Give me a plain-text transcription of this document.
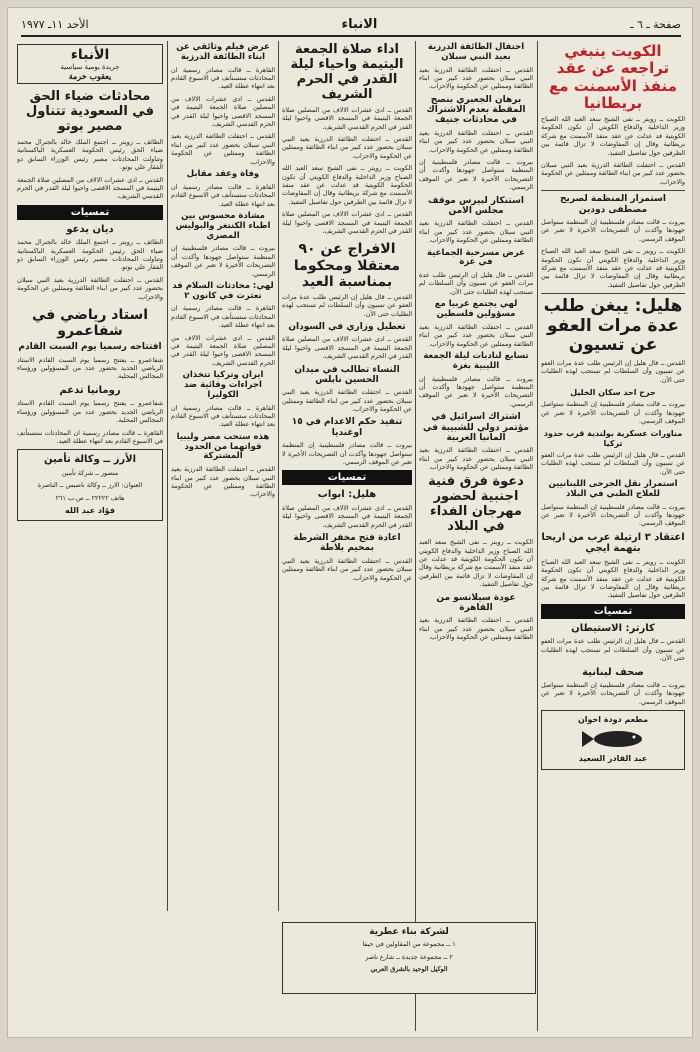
صفحة ـ ٦ ـ
الانباء
الأحد ١١ـ ١٩٧٧
الكويت ينبغي تراجعه عن عقد منفذ الأسمنت مع بريطانيا

الكويت ــ رويتر ــ نفى الشيخ سعد العبد الله الصباح وزير الداخلية والدفاع الكويتي أن تكون الحكومة الكويتية قد عدلت عن عقد منفذ الأسمنت مع شركة بريطانية وقال إن المفاوضات لا تزال قائمة بين الطرفين حول تفاصيل التنفيذ.

القدس ــ احتفلت الطائفة الدرزية بعيد النبي سبلان بحضور عدد كبير من ابناء الطائفة وممثلين عن الحكومة والاحزاب.

استمرار المنظمة لصريح مصطفى دودين

بيروت ــ قالت مصادر فلسطينية إن المنظمة ستواصل جهودها وأكدت أن التصريحات الأخيرة لا تعبر عن الموقف الرسمي.

الكويت ــ رويتر ــ نفى الشيخ سعد العبد الله الصباح وزير الداخلية والدفاع الكويتي أن تكون الحكومة الكويتية قد عدلت عن عقد منفذ الأسمنت مع شركة بريطانية وقال إن المفاوضات لا تزال قائمة بين الطرفين حول تفاصيل التنفيذ.

هليل: يبغن طلب عدة مرات العفو عن تسيون

القدس ــ قال هليل إن الرئيس طلب عدة مرات العفو عن تسيون وأن السلطات لم تستجب لهذه الطلبات حتى الآن.

جرح احد سكان الخليل

بيروت ــ قالت مصادر فلسطينية إن المنظمة ستواصل جهودها وأكدت أن التصريحات الأخيرة لا تعبر عن الموقف الرسمي.

مناورات عسكرية بولندية قرب حدود تركيا

القدس ــ قال هليل إن الرئيس طلب عدة مرات العفو عن تسيون وأن السلطات لم تستجب لهذه الطلبات حتى الآن.

استمرار نقل الجرحى اللبنانيين للعلاج الطبي في البلاد

بيروت ــ قالت مصادر فلسطينية إن المنظمة ستواصل جهودها وأكدت أن التصريحات الأخيرة لا تعبر عن الموقف الرسمي.

اعتقاد ٣ ارتيلة عرب من اريحا بتهمة ايجي

الكويت ــ رويتر ــ نفى الشيخ سعد العبد الله الصباح وزير الداخلية والدفاع الكويتي أن تكون الحكومة الكويتية قد عدلت عن عقد منفذ الأسمنت مع شركة بريطانية وقال إن المفاوضات لا تزال قائمة بين الطرفين حول تفاصيل التنفيذ.

تمسيات
كارتر: الاستيطان

القدس ــ قال هليل إن الرئيس طلب عدة مرات العفو عن تسيون وأن السلطات لم تستجب لهذه الطلبات حتى الآن.

صحف لبنانية

بيروت ــ قالت مصادر فلسطينية إن المنظمة ستواصل جهودها وأكدت أن التصريحات الأخيرة لا تعبر عن الموقف الرسمي.

مطعم دودة اخوان
عبد القادر السعيد
احتفال الطائفة الدرزية بعيد النبي سبلان

القدس ــ احتفلت الطائفة الدرزية بعيد النبي سبلان بحضور عدد كبير من ابناء الطائفة وممثلين عن الحكومة والاحزاب.

برهان الجعبري بنصح المقطة بعدم الاشتراك في محادثات جنيف

القدس ــ احتفلت الطائفة الدرزية بعيد النبي سبلان بحضور عدد كبير من ابناء الطائفة وممثلين عن الحكومة والاحزاب.

بيروت ــ قالت مصادر فلسطينية إن المنظمة ستواصل جهودها وأكدت أن التصريحات الأخيرة لا تعبر عن الموقف الرسمي.

استنكار لبيرس موقف مجلس الامن

القدس ــ احتفلت الطائفة الدرزية بعيد النبي سبلان بحضور عدد كبير من ابناء الطائفة وممثلين عن الحكومة والاحزاب.

عرض مسرحية الجماعية في غزة

القدس ــ قال هليل إن الرئيس طلب عدة مرات العفو عن تسيون وأن السلطات لم تستجب لهذه الطلبات حتى الآن.

لهي يجتمع غربيا مع مسؤولين فلسطين

القدس ــ احتفلت الطائفة الدرزية بعيد النبي سبلان بحضور عدد كبير من ابناء الطائفة وممثلين عن الحكومة والاحزاب.

تسابع لنادبات ليلة الجمعة الليبية بغزة

بيروت ــ قالت مصادر فلسطينية إن المنظمة ستواصل جهودها وأكدت أن التصريحات الأخيرة لا تعبر عن الموقف الرسمي.

اشتراك اسرائيل في مؤتمر دولي للشبيبة في المانيا الغربية

القدس ــ احتفلت الطائفة الدرزية بعيد النبي سبلان بحضور عدد كبير من ابناء الطائفة وممثلين عن الحكومة والاحزاب.

دعوة فرق فنية اجنبية لحضور مهرجان الفداء في البلاد

الكويت ــ رويتر ــ نفى الشيخ سعد العبد الله الصباح وزير الداخلية والدفاع الكويتي أن تكون الحكومة الكويتية قد عدلت عن عقد منفذ الأسمنت مع شركة بريطانية وقال إن المفاوضات لا تزال قائمة بين الطرفين حول تفاصيل التنفيذ.

عودة سيلانسو من القاهرة

القدس ــ احتفلت الطائفة الدرزية بعيد النبي سبلان بحضور عدد كبير من ابناء الطائفة وممثلين عن الحكومة والاحزاب.

اداء صلاة الجمعة اليتيمة واحياء ليلة القدر في الحرم الشريف

القدس ــ ادى عشرات الالاف من المصلين صلاة الجمعة اليتيمة في المسجد الاقصى واحيوا ليلة القدر في الحرم القدسي الشريف.

القدس ــ احتفلت الطائفة الدرزية بعيد النبي سبلان بحضور عدد كبير من ابناء الطائفة وممثلين عن الحكومة والاحزاب.

الكويت ــ رويتر ــ نفى الشيخ سعد العبد الله الصباح وزير الداخلية والدفاع الكويتي أن تكون الحكومة الكويتية قد عدلت عن عقد منفذ الأسمنت مع شركة بريطانية وقال إن المفاوضات لا تزال قائمة بين الطرفين حول تفاصيل التنفيذ.

القدس ــ ادى عشرات الالاف من المصلين صلاة الجمعة اليتيمة في المسجد الاقصى واحيوا ليلة القدر في الحرم القدسي الشريف.

الافراج عن ٩٠ معتقلا ومحكوما بمناسبة العيد

القدس ــ قال هليل إن الرئيس طلب عدة مرات العفو عن تسيون وأن السلطات لم تستجب لهذه الطلبات حتى الآن.

تعطيل وزاري في السودان

القدس ــ ادى عشرات الالاف من المصلين صلاة الجمعة اليتيمة في المسجد الاقصى واحيوا ليلة القدر في الحرم القدسي الشريف.

النساء تطالب في ميدان الحسين نابلس

القدس ــ احتفلت الطائفة الدرزية بعيد النبي سبلان بحضور عدد كبير من ابناء الطائفة وممثلين عن الحكومة والاحزاب.

تنفيذ حكم الاعدام في ١٥ اوغنديا

بيروت ــ قالت مصادر فلسطينية إن المنظمة ستواصل جهودها وأكدت أن التصريحات الأخيرة لا تعبر عن الموقف الرسمي.

تمسيات
هليل: ابواب

القدس ــ ادى عشرات الالاف من المصلين صلاة الجمعة اليتيمة في المسجد الاقصى واحيوا ليلة القدر في الحرم القدسي الشريف.

اعادة فتح مخفر الشرطة بمخيم بلاطة

القدس ــ احتفلت الطائفة الدرزية بعيد النبي سبلان بحضور عدد كبير من ابناء الطائفة وممثلين عن الحكومة والاحزاب.

عرض فيلم وثائقي عن ابناء الطائفة الدرزية

القاهرة ــ قالت مصادر رسمية ان المحادثات ستستأنف في الاسبوع القادم بعد انتهاء عطلة العيد.

القدس ــ ادى عشرات الالاف من المصلين صلاة الجمعة اليتيمة في المسجد الاقصى واحيوا ليلة القدر في الحرم القدسي الشريف.

القدس ــ احتفلت الطائفة الدرزية بعيد النبي سبلان بحضور عدد كبير من ابناء الطائفة وممثلين عن الحكومة والاحزاب.

وفاة وعقد مقابل

القاهرة ــ قالت مصادر رسمية ان المحادثات ستستأنف في الاسبوع القادم بعد انتهاء عطلة العيد.

مشادة محسوس بين اطباء الكنتغر والبوليس المصري

بيروت ــ قالت مصادر فلسطينية إن المنظمة ستواصل جهودها وأكدت أن التصريحات الأخيرة لا تعبر عن الموقف الرسمي.

لهي: محادثات السلام قد تعثرت في كانون ٢

القاهرة ــ قالت مصادر رسمية ان المحادثات ستستأنف في الاسبوع القادم بعد انتهاء عطلة العيد.

القدس ــ ادى عشرات الالاف من المصلين صلاة الجمعة اليتيمة في المسجد الاقصى واحيوا ليلة القدر في الحرم القدسي الشريف.

ايران وتركيا تتخذان اجراءات وقائية ضد الكوليرا

القاهرة ــ قالت مصادر رسمية ان المحادثات ستستأنف في الاسبوع القادم بعد انتهاء عطلة العيد.

هذه ستحب مصر وليبيا قواتهما من الحدود المشتركة

القدس ــ احتفلت الطائفة الدرزية بعيد النبي سبلان بحضور عدد كبير من ابناء الطائفة وممثلين عن الحكومة والاحزاب.

الأنباء
جريدة يومية سياسية
يعقوب خرمة
محادثات ضياء الحق في السعودية تتناول مصير بوتو

الطائف ــ رويتر ــ اجتمع الملك خالد بالجنرال محمد ضياء الحق رئيس الحكومة العسكرية الباكستانية وتناولت المحادثات مصير رئيس الوزراء السابق ذو الفقار علي بوتو.

القدس ــ ادى عشرات الالاف من المصلين صلاة الجمعة اليتيمة في المسجد الاقصى واحيوا ليلة القدر في الحرم القدسي الشريف.

تمسيات
ديان يدعو

الطائف ــ رويتر ــ اجتمع الملك خالد بالجنرال محمد ضياء الحق رئيس الحكومة العسكرية الباكستانية وتناولت المحادثات مصير رئيس الوزراء السابق ذو الفقار علي بوتو.

القدس ــ احتفلت الطائفة الدرزية بعيد النبي سبلان بحضور عدد كبير من ابناء الطائفة وممثلين عن الحكومة والاحزاب.

استاد رياضي في شفاعمرو
افتتاحه رسميا يوم السبت القادم

شفاعمرو ــ يفتتح رسميا يوم السبت القادم الاستاد الرياضي الجديد بحضور عدد من المسؤولين ورؤساء المجالس المحلية.

رومانيا تدعم

شفاعمرو ــ يفتتح رسميا يوم السبت القادم الاستاد الرياضي الجديد بحضور عدد من المسؤولين ورؤساء المجالس المحلية.

القاهرة ــ قالت مصادر رسمية ان المحادثات ستستأنف في الاسبوع القادم بعد انتهاء عطلة العيد.

الأرز ــ وكالة تأمين
منصور ــ شركة تأمين
العنوان: الارز ــ وكالة ناصبس ــ الناصرة
هاتف ٢٢٢٢٢ ــ ص.ب ٢٦١
فؤاد عبد الله
لشركة بناء عطرية
١ ــ مجموعة من المقاولين في حيفا
٢ ــ مجموعة جديدة ــ شارع ناصر
الوكيل الوحيد بالشرق العربي
